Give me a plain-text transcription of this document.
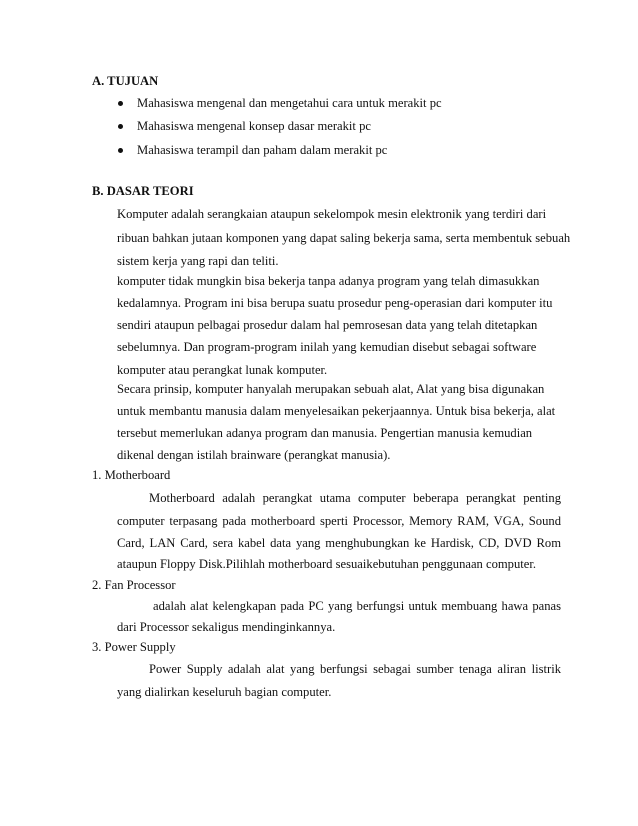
A. TUJUAN
Mahasiswa mengenal dan mengetahui cara untuk merakit pc
Mahasiswa mengenal konsep dasar merakit pc
Mahasiswa terampil dan paham dalam merakit pc
B. DASAR TEORI
Komputer adalah serangkaian ataupun sekelompok mesin elektronik yang terdiri dari
ribuan bahkan jutaan komponen yang dapat saling bekerja sama, serta membentuk sebuah
sistem kerja yang rapi dan teliti.
komputer tidak mungkin bisa bekerja tanpa adanya program yang telah dimasukkan
kedalamnya. Program ini bisa berupa suatu prosedur peng-operasian dari komputer itu
sendiri ataupun pelbagai prosedur dalam hal pemrosesan data yang telah ditetapkan
sebelumnya. Dan program-program inilah yang kemudian disebut sebagai software
komputer atau perangkat lunak komputer.
Secara prinsip, komputer hanyalah merupakan sebuah alat, Alat yang bisa digunakan
untuk membantu manusia dalam menyelesaikan pekerjaannya. Untuk bisa bekerja, alat
tersebut memerlukan adanya program dan manusia. Pengertian manusia kemudian
dikenal dengan istilah brainware (perangkat manusia).
1. Motherboard
Motherboard adalah perangkat utama computer beberapa perangkat penting
computer terpasang pada motherboard sperti Processor, Memory RAM, VGA, Sound
Card, LAN Card, sera kabel data yang menghubungkan ke Hardisk, CD, DVD Rom
ataupun Floppy Disk.Pilihlah motherboard sesuaikebutuhan penggunaan computer.
2. Fan Processor
adalah alat kelengkapan pada PC yang berfungsi untuk membuang hawa panas
dari Processor sekaligus mendinginkannya.
3. Power Supply
Power Supply adalah alat yang berfungsi sebagai sumber tenaga aliran listrik
yang dialirkan keseluruh bagian computer.
